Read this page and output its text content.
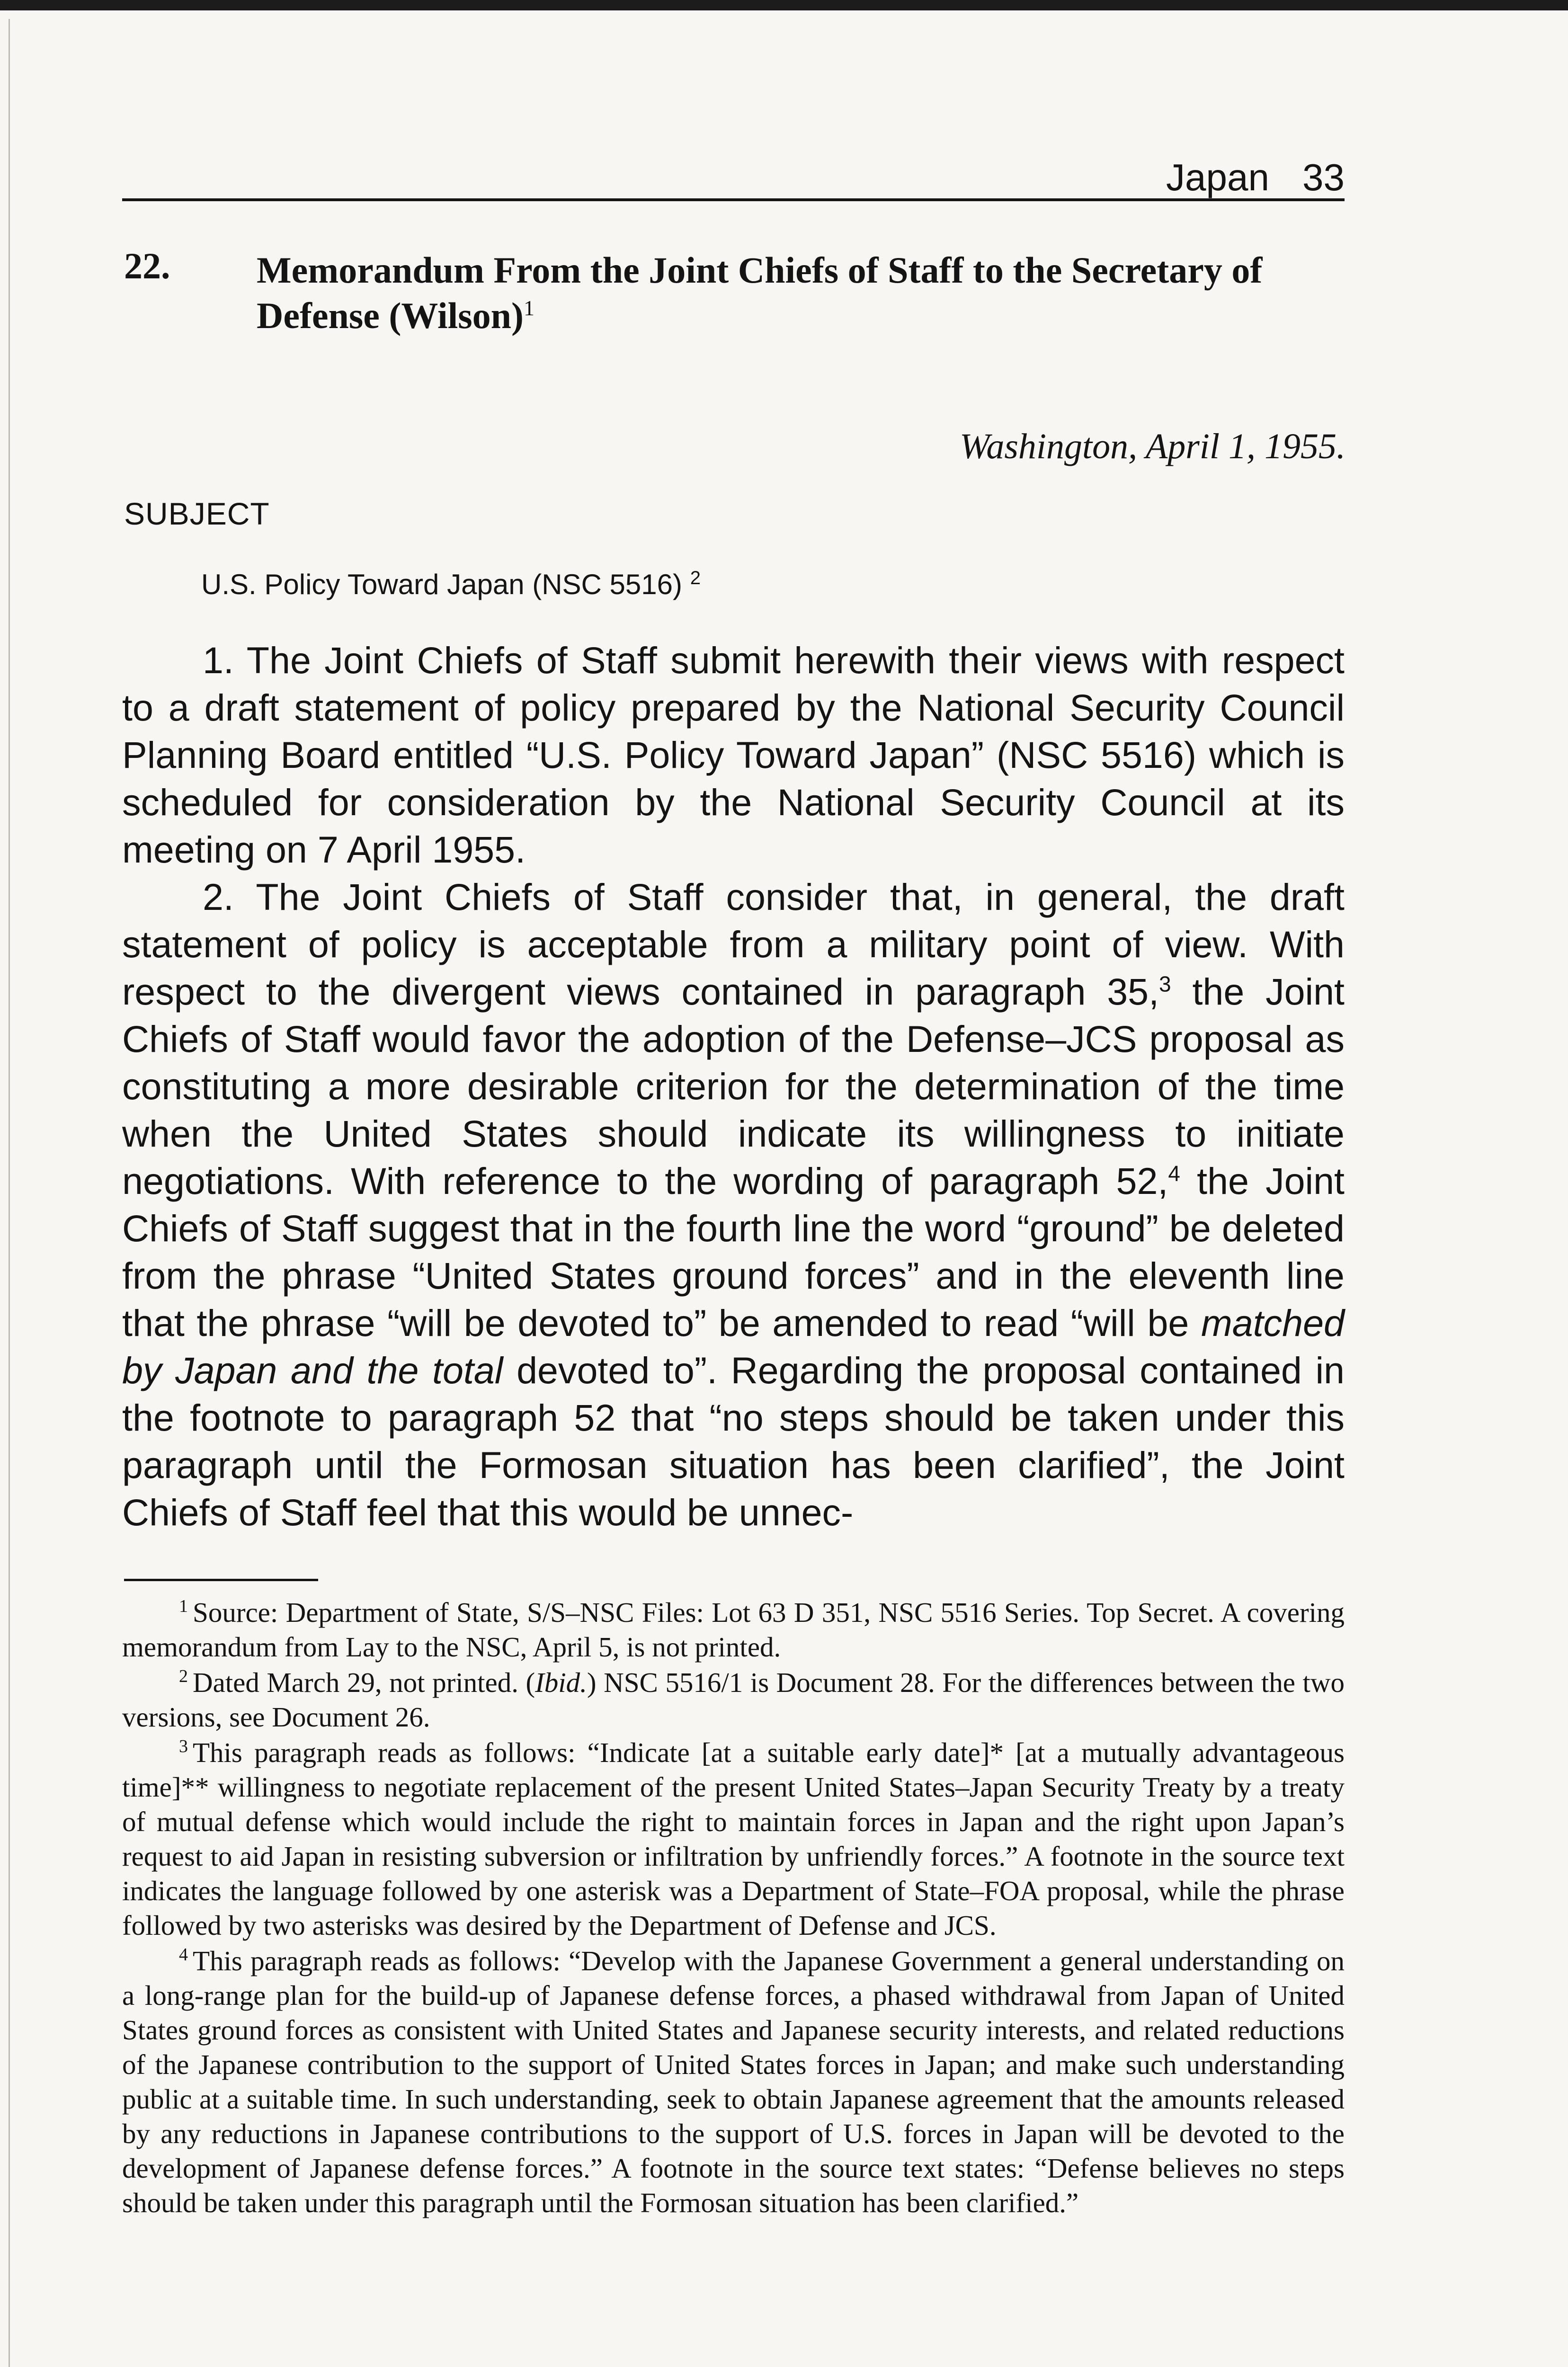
Japan 33
22. Memorandum From the Joint Chiefs of Staff to the Secretary of Defense (Wilson)$^1$
Washington, April 1, 1955.
SUBJECT
U.S. Policy Toward Japan (NSC 5516) $^2$

1. The Joint Chiefs of Staff submit herewith their views with respect to a draft statement of policy prepared by the National Security Council Planning Board entitled “U.S. Policy Toward Japan” (NSC 5516) which is scheduled for consideration by the National Security Council at its meeting on 7 April 1955.

2. The Joint Chiefs of Staff consider that, in general, the draft statement of policy is acceptable from a military point of view. With respect to the divergent views contained in paragraph 35,$^3$ the Joint Chiefs of Staff would favor the adoption of the Defense–JCS proposal as constituting a more desirable criterion for the determination of the time when the United States should indicate its willingness to initiate negotiations. With reference to the wording of paragraph 52,$^4$ the Joint Chiefs of Staff suggest that in the fourth line the word “ground” be deleted from the phrase “United States ground forces” and in the eleventh line that the phrase “will be devoted to” be amended to read “will be matched by Japan and the total devoted to”. Regarding the proposal contained in the footnote to paragraph 52 that “no steps should be taken under this paragraph until the Formosan situation has been clarified”, the Joint Chiefs of Staff feel that this would be unnec-

$^1$ Source: Department of State, S/S–NSC Files: Lot 63 D 351, NSC 5516 Series. Top Secret. A covering memorandum from Lay to the NSC, April 5, is not printed.

$^2$ Dated March 29, not printed. (Ibid.) NSC 5516/1 is Document 28. For the differences between the two versions, see Document 26.

$^3$ This paragraph reads as follows: “Indicate [at a suitable early date]* [at a mutually advantageous time]** willingness to negotiate replacement of the present United States–Japan Security Treaty by a treaty of mutual defense which would include the right to maintain forces in Japan and the right upon Japan’s request to aid Japan in resisting subversion or infiltration by unfriendly forces.” A footnote in the source text indicates the language followed by one asterisk was a Department of State–FOA proposal, while the phrase followed by two asterisks was desired by the Department of Defense and JCS.

$^4$ This paragraph reads as follows: “Develop with the Japanese Government a general understanding on a long-range plan for the build-up of Japanese defense forces, a phased withdrawal from Japan of United States ground forces as consistent with United States and Japanese security interests, and related reductions of the Japanese contribution to the support of United States forces in Japan; and make such understanding public at a suitable time. In such understanding, seek to obtain Japanese agreement that the amounts released by any reductions in Japanese contributions to the support of U.S. forces in Japan will be devoted to the development of Japanese defense forces.” A footnote in the source text states: “Defense believes no steps should be taken under this paragraph until the Formosan situation has been clarified.”
